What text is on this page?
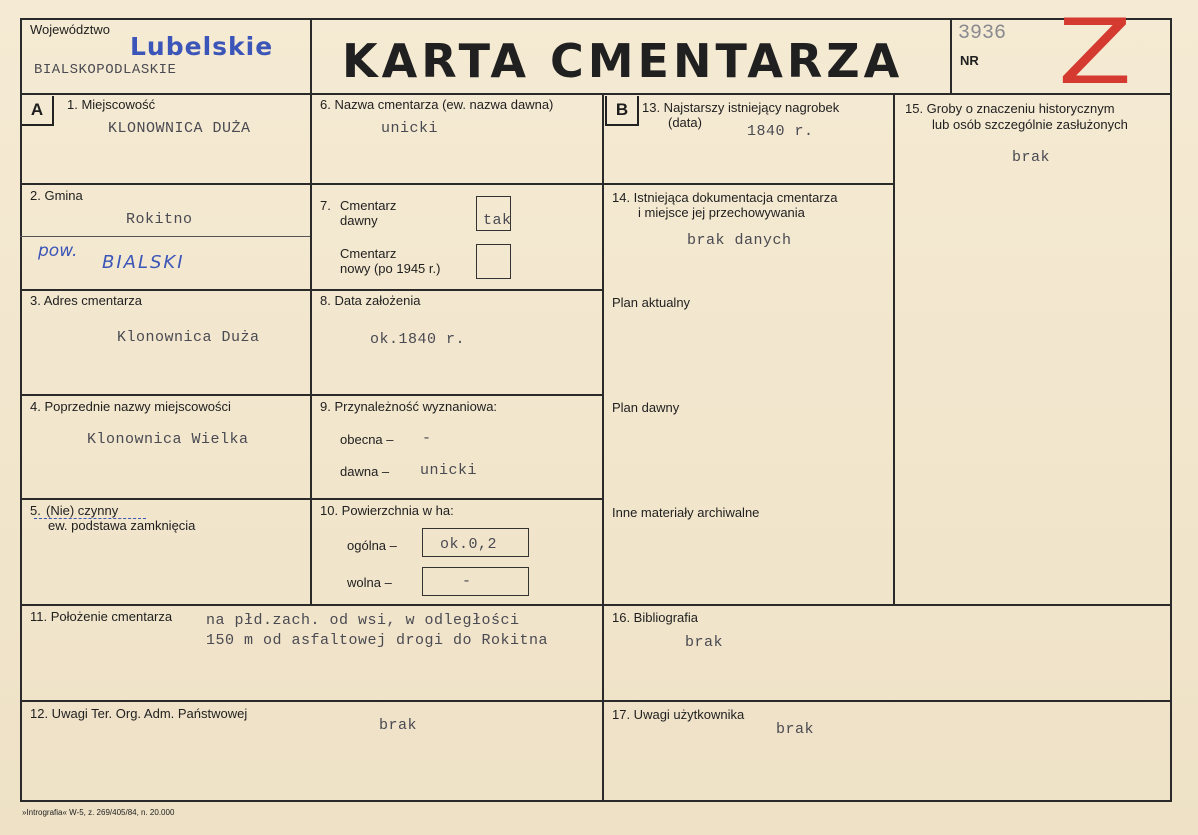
Województwo
Lubelskie
BIALSKOPODLASKIE	KARTA CMENTARZA
3936
NR Z
A	1. Miejscowość
KLONOWNICA DUŻA
2. Gmina
Rokitno
pow.
BIALSKI
3. Adres cmentarza
Klonownica Duża
4. Poprzednie nazwy miejscowości
Klonownica Wielka
5. (Nie) czynny
ew. podstawa zamknięcia
6. Nazwa cmentarza (ew. nazwa dawna)
unicki
7. Cmentarz
dawny	tak
Cmentarz
nowy (po 1945 r.)
8. Data założenia
ok.1840 r.
9. Przynależność wyznaniowa:
obecna – -
dawna – unicki
10. Powierzchnia w ha:
ogólna –	ok.0,2
wolna –	-
11. Położenie cmentarza na płd.zach. od wsi, w odległości
150 m od asfaltowej drogi do Rokitna
12. Uwagi Ter. Org. Adm. Państwowej
brak
B	13. Najstarszy istniejący nagrobek
(data)
1840 r.
14. Istniejąca dokumentacja cmentarza
i miejsce jej przechowywania
brak danych
Plan aktualny
Plan dawny
Inne materiały archiwalne
15. Groby o znaczeniu historycznym
lub osób szczególnie zasłużonych
brak
16. Bibliografia
brak
17. Uwagi użytkownika
brak
»Intrografia« W-5, z. 269/405/84, n. 20.000
